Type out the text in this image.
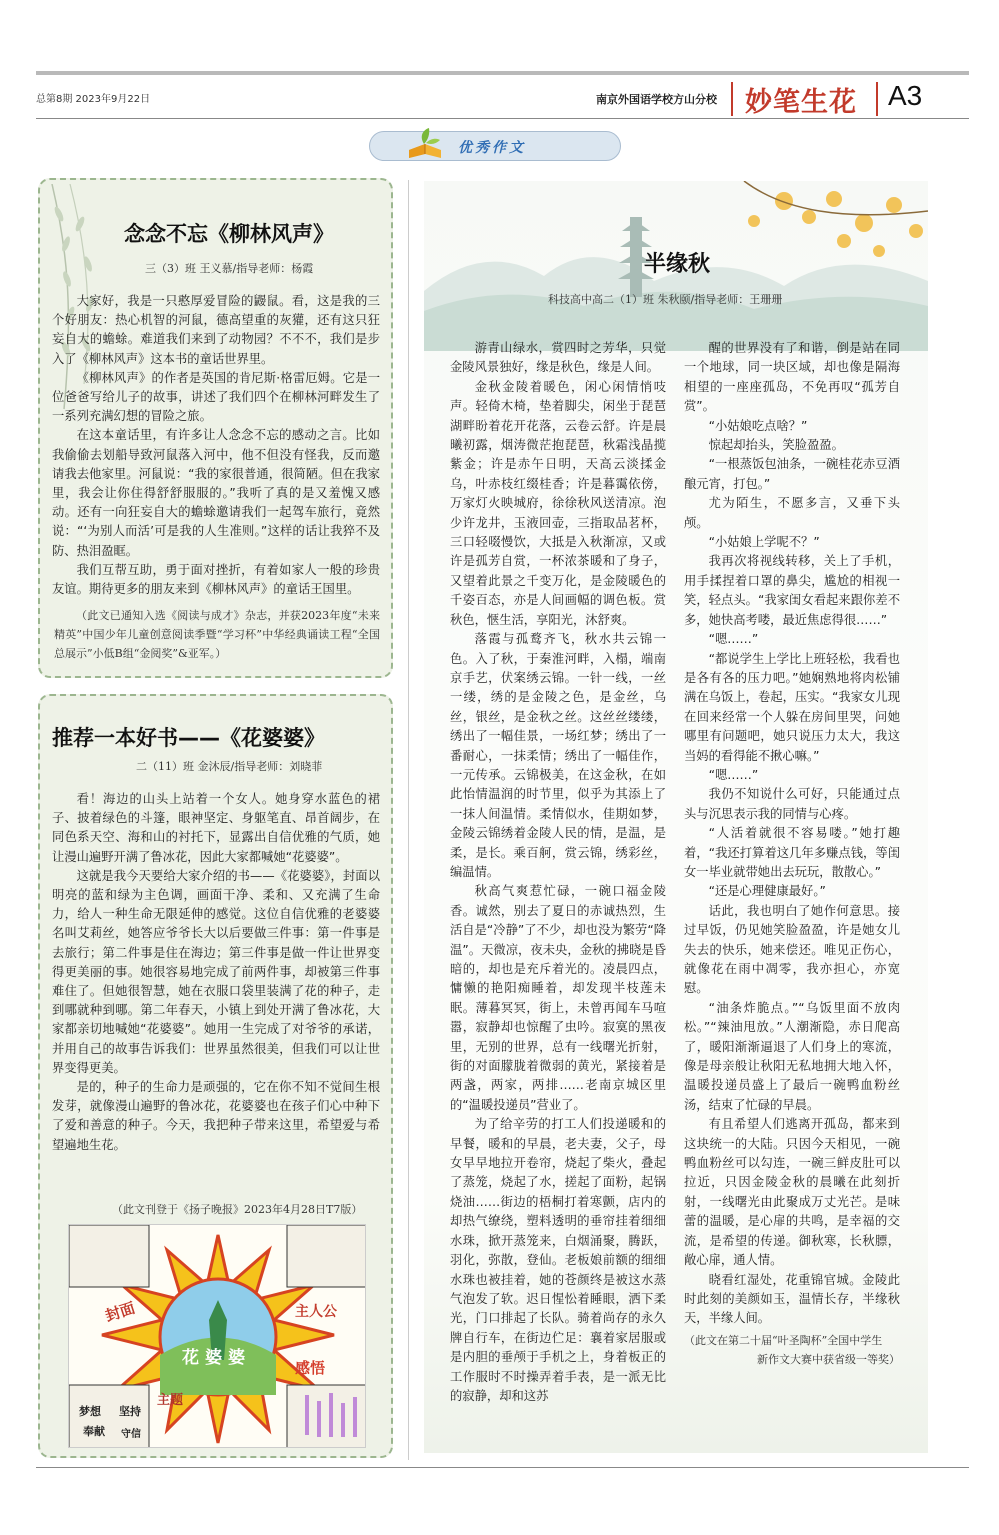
总第8期 2023年9月22日	南京外国语学校方山分校 妙笔生花 A3
优秀作文
念念不忘《柳林风声》
三（3）班 王义慕/指导老师：杨霞

大家好，我是一只憨厚爱冒险的鼹鼠。看，这是我的三个好朋友：热心机智的河鼠，德高望重的灰獾，还有这只狂妄自大的蟾蜍。难道我们来到了动物园？不不不，我们是步入了《柳林风声》这本书的童话世界里。

《柳林风声》的作者是英国的肯尼斯·格雷厄姆。它是一位爸爸写给儿子的故事，讲述了我们四个在柳林河畔发生了一系列充满幻想的冒险之旅。

在这本童话里，有许多让人念念不忘的感动之言。比如我偷偷去划船导致河鼠落入河中，他不但没有怪我，反而邀请我去他家里。河鼠说：“我的家很普通，很简陋。但在我家里，我会让你住得舒舒服服的。”我听了真的是又羞愧又感动。还有一向狂妄自大的蟾蜍邀请我们一起驾车旅行，竟然说：“‘为别人而活’可是我的人生准则。”这样的话让我猝不及防、热泪盈眶。

我们互帮互助，勇于面对挫折，有着如家人一般的珍贵友谊。期待更多的朋友来到《柳林风声》的童话王国里。

（此文已通知入选《阅读与成才》杂志，并获2023年度“未来精英”中国少年儿童创意阅读季暨“学习杯”中华经典诵读工程“全国总展示”小低B组“金阅奖”&亚军。）
推荐一本好书——《花婆婆》
二（11）班 金沐辰/指导老师：刘晓菲

看！海边的山头上站着一个女人。她身穿水蓝色的裙子、披着绿色的斗篷，眼神坚定、身躯笔直、昂首阔步，在同色系天空、海和山的衬托下，显露出自信优雅的气质，她让漫山遍野开满了鲁冰花，因此大家都喊她“花婆婆”。

这就是我今天要给大家介绍的书——《花婆婆》，封面以明亮的蓝和绿为主色调，画面干净、柔和、又充满了生命力，给人一种生命无限延伸的感觉。这位自信优雅的老婆婆名叫艾莉丝，她答应爷爷长大以后要做三件事：第一件事是去旅行；第二件事是住在海边；第三件事是做一件让世界变得更美丽的事。她很容易地完成了前两件事，却被第三件事难住了。但她很智慧，她在衣服口袋里装满了花的种子，走到哪就种到哪。第二年春天，小镇上到处开满了鲁冰花，大家都亲切地喊她“花婆婆”。她用一生完成了对爷爷的承诺，并用自己的故事告诉我们：世界虽然很美，但我们可以让世界变得更美。

是的，种子的生命力是顽强的，它在你不知不觉间生根发芽，就像漫山遍野的鲁冰花，花婆婆也在孩子们心中种下了爱和善意的种子。今天，我把种子带来这里，希望爱与希望遍地生花。

（此文刊登于《扬子晚报》2023年4月28日T7版）
花婆婆
封面	主人公
主题
感悟
梦想 坚持
奉献 守信
半缘秋
科技高中高二（1）班 朱秋颐/指导老师：王珊珊

游青山绿水，赏四时之芳华，只觉金陵风景独好，缘是秋色，缘是人间。

金秋金陵着暖色，闲心闲情悄吱声。轻倚木椅，垫着脚尖，闲坐于琵琶湖畔盼着花开花落，云卷云舒。许是晨曦初露，烟涛微茫抱琵琶，秋霜浅晶揽紫金；许是赤午日明，天高云淡揉金乌，叶赤枝红缀桂香；许是暮霭依傍，万家灯火映城府，徐徐秋风送清凉。泡少许龙井，玉液回壶，三指取品茗杯，三口轻啜慢饮，大抵是入秋渐凉，又或许是孤芳自赏，一杯浓茶暖和了身子，又望着此景之千变万化，是金陵暖色的千姿百态，亦是人间画幅的调色板。赏秋色，惬生活，享阳光，沐舒爽。

落霞与孤鹜齐飞，秋水共云锦一色。入了秋，于秦淮河畔，入榻，端南京手艺，伏案绣云锦。一针一线，一丝一缕，绣的是金陵之色，是金丝，乌丝，银丝，是金秋之丝。这丝丝缕缕，绣出了一幅佳景，一场红梦；绣出了一番耐心，一抹柔情；绣出了一幅佳作，一元传承。云锦极美，在这金秋，在如此怡情温润的时节里，似乎为其添上了一抹人间温情。柔情似水，佳期如梦，金陵云锦绣着金陵人民的情，是温，是柔，是长。乘百舸，赏云锦，绣彩丝，编温情。

秋高气爽惹忙碌，一碗口福金陵香。诚然，别去了夏日的赤诚热烈，生活自是“冷静”了不少，却也没为繁劳“降温”。天微凉，夜未央，金秋的拂晓是昏暗的，却也是充斥着光的。凌晨四点，慵懒的艳阳痴睡着，却发现半枝莲未眠。薄暮冥冥，街上，未曾再闻车马喧嚣，寂静却也惊醒了虫吟。寂寞的黑夜里，无别的世界，总有一线曙光折射，街的对面朦胧着微弱的黄光，紧接着是两盏，两家，两排……老南京城区里的“温暖投递员”营业了。

为了给辛劳的打工人们投递暖和的早餐，暖和的早晨，老夫妻，父子，母女早早地拉开卷帘，烧起了柴火，叠起了蒸笼，烧起了水，搓起了面粉，起锅烧油……街边的梧桐打着寒颤，店内的却热气缭绕，塑料透明的垂帘挂着细细水珠，掀开蒸笼来，白烟涌聚，腾跃，羽化，弥散，登仙。老板娘前额的细细水珠也被挂着，她的苍颜终是被这水蒸气泡发了软。迟日惺忪着睡眼，洒下柔光，门口排起了长队。骑着尚存的永久牌自行车，在街边伫足：襄着家居服或是内胆的垂颅于手机之上，身着板正的工作服时不时操弄着手表，是一派无比的寂静，却和这苏

醒的世界没有了和谐，倒是站在同一个地球，同一块区域，却也像是隔海相望的一座座孤岛，不免再叹“孤芳自赏”。

“小姑娘吃点啥？”

惊起却抬头，笑脸盈盈。

“一根蒸饭包油条，一碗桂花赤豆酒酿元宵，打包。”

尤为陌生，不愿多言，又垂下头颅。

“小姑娘上学呢不？”

我再次将视线转移，关上了手机，用手揉捏着口罩的鼻尖，尴尬的相视一笑，轻点头。“我家闺女看起来跟你差不多，她快高考喽，最近焦虑得很……”

“嗯……”

“都说学生上学比上班轻松，我看也是各有各的压力吧。”她娴熟地将肉松铺满在乌饭上，卷起，压实。“我家女儿现在回来经常一个人躲在房间里哭，问她哪里有问题吧，她只说压力太大，我这当妈的看得能不揪心嘛。”

“嗯……”

我仍不知说什么可好，只能通过点头与沉思表示我的同情与心疼。

“人活着就很不容易喽。”她打趣着，“我还打算着这几年多赚点钱，等闺女一毕业就带她出去玩玩，散散心。”

“还是心理健康最好。”

话此，我也明白了她作何意思。接过早饭，仍见她笑脸盈盈，许是她女儿失去的快乐，她来偿还。唯见正伤心，就像花在雨中凋零，我亦担心，亦宽慰。

“油条炸脆点。”“乌饭里面不放肉松。”“辣油甩放。”人潮渐隐，赤日爬高了，暖阳渐渐逼退了人们身上的寒流，像是母亲般让秋阳无私地拥大地入怀，温暖投递员盛上了最后一碗鸭血粉丝汤，结束了忙碌的早晨。

有且希望人们逃离开孤岛，都来到这块统一的大陆。只因今天相见，一碗鸭血粉丝可以勾连，一碗三鲜皮肚可以拉近，只因金陵金秋的晨曦在此刻折射，一线曙光由此聚成万丈光芒。是味蕾的温暖，是心扉的共鸣，是幸福的交流，是希望的传递。御秋寒，长秋膘，敞心扉，通人情。

晓看红湿处，花重锦官城。金陵此时此刻的美颜如玉，温情长存，半缘秋天，半缘人间。

（此文在第二十届“叶圣陶杯”全国中学生
新作文大赛中获省级一等奖）
